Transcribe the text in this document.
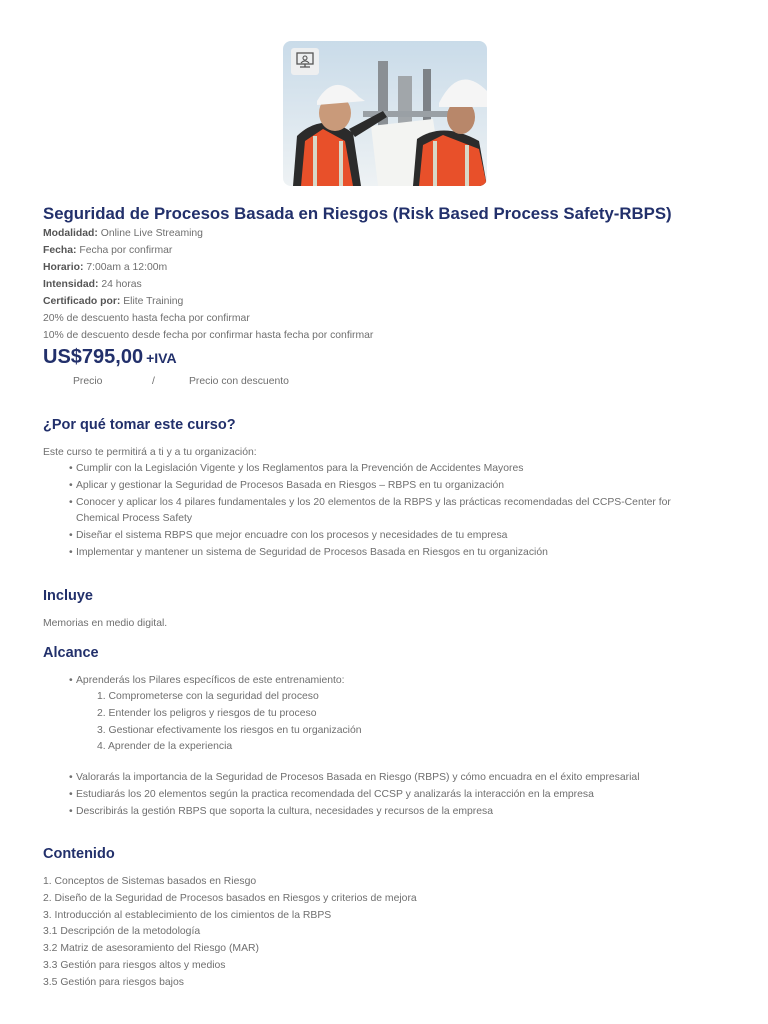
Seguridad de Procesos Basada en Riesgos (Risk Based Process Safety-RBPS)
Modalidad: Online Live Streaming
Fecha: Fecha por confirmar
Horario: 7:00am a 12:00m
Intensidad: 24 horas
Certificado por: Elite Training
20% de descuento hasta fecha por confirmar
10% de descuento desde fecha por confirmar hasta fecha por confirmar
US$795,00 +IVA
Precio	/	Precio con descuento
¿Por qué tomar este curso?
Este curso te permitirá a ti y a tu organización:
• Cumplir con la Legislación Vigente y los Reglamentos para la Prevención de Accidentes Mayores
• Aplicar y gestionar la Seguridad de Procesos Basada en Riesgos – RBPS en tu organización
• Conocer y aplicar los 4 pilares fundamentales y los 20 elementos de la RBPS y las prácticas recomendadas del CCPS-Center for
Chemical Process Safety
• Diseñar el sistema RBPS que mejor encuadre con los procesos y necesidades de tu empresa
• Implementar y mantener un sistema de Seguridad de Procesos Basada en Riesgos en tu organización
Incluye
Memorias en medio digital.
Alcance
• Aprenderás los Pilares específicos de este entrenamiento:
1. Comprometerse con la seguridad del proceso
2. Entender los peligros y riesgos de tu proceso
3. Gestionar efectivamente los riesgos en tu organización
4. Aprender de la experiencia
• Valorarás la importancia de la Seguridad de Procesos Basada en Riesgo (RBPS) y cómo encuadra en el éxito empresarial
• Estudiarás los 20 elementos según la practica recomendada del CCSP y analizarás la interacción en la empresa
• Describirás la gestión RBPS que soporta la cultura, necesidades y recursos de la empresa
Contenido
1. Conceptos de Sistemas basados en Riesgo
2. Diseño de la Seguridad de Procesos basados en Riesgos y criterios de mejora
3. Introducción al establecimiento de los cimientos de la RBPS
3.1 Descripción de la metodología
3.2 Matriz de asesoramiento del Riesgo (MAR)
3.3 Gestión para riesgos altos y medios
3.5 Gestión para riesgos bajos
